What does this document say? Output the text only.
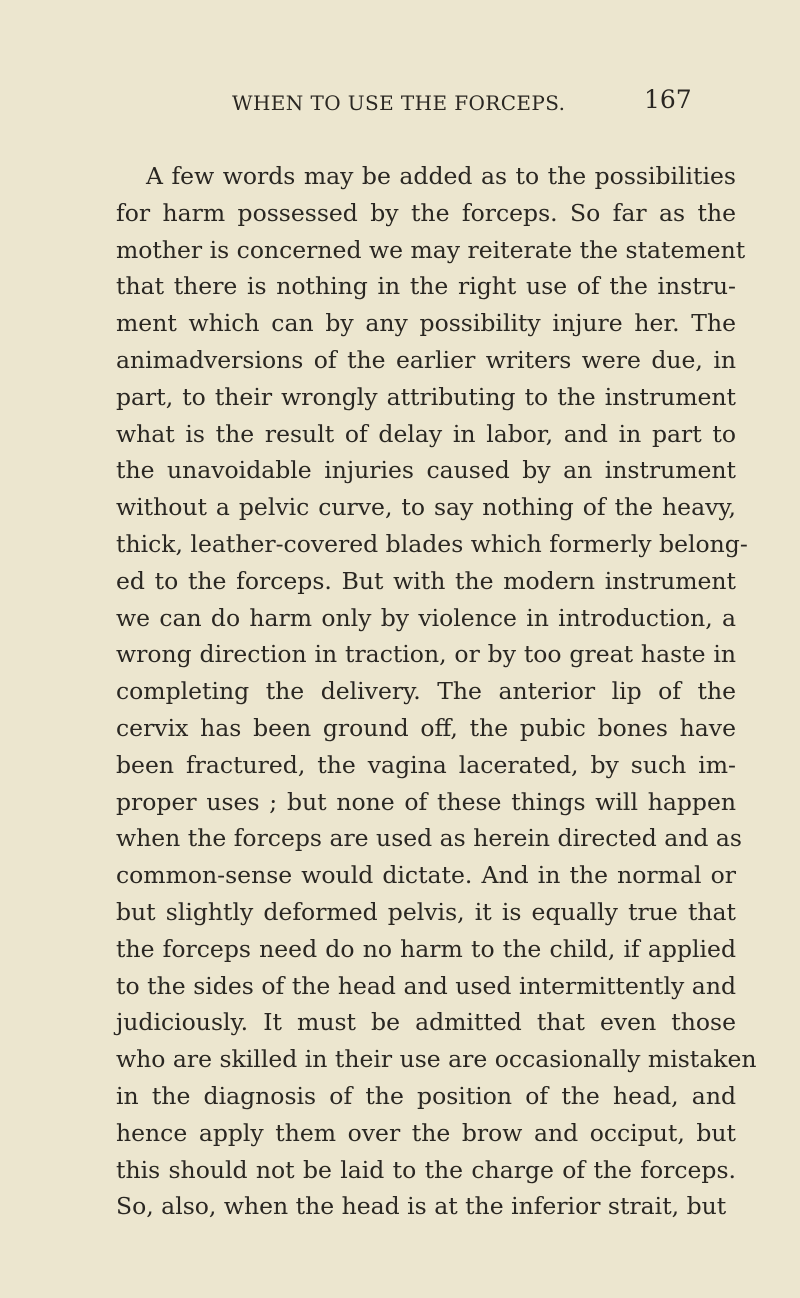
WHEN TO USE THE FORCEPS.	167
A few words may be added as to the possibilities
for harm possessed by the forceps. So far as the
mother is concerned we may reiterate the statement
that there is nothing in the right use of the instru-
ment which can by any possibility injure her. The
animadversions of the earlier writers were due, in
part, to their wrongly attributing to the instrument
what is the result of delay in labor, and in part to
the unavoidable injuries caused by an instrument
without a pelvic curve, to say nothing of the heavy,
thick, leather-covered blades which formerly belong-
ed to the forceps. But with the modern instrument
we can do harm only by violence in introduction, a
wrong direction in traction, or by too great haste in
completing the delivery. The anterior lip of the
cervix has been ground off, the pubic bones have
been fractured, the vagina lacerated, by such im-
proper uses ; but none of these things will happen
when the forceps are used as herein directed and as
common-sense would dictate. And in the normal or
but slightly deformed pelvis, it is equally true that
the forceps need do no harm to the child, if applied
to the sides of the head and used intermittently and
judiciously. It must be admitted that even those
who are skilled in their use are occasionally mistaken
in the diagnosis of the position of the head, and
hence apply them over the brow and occiput, but
this should not be laid to the charge of the forceps.
So, also, when the head is at the inferior strait, but
